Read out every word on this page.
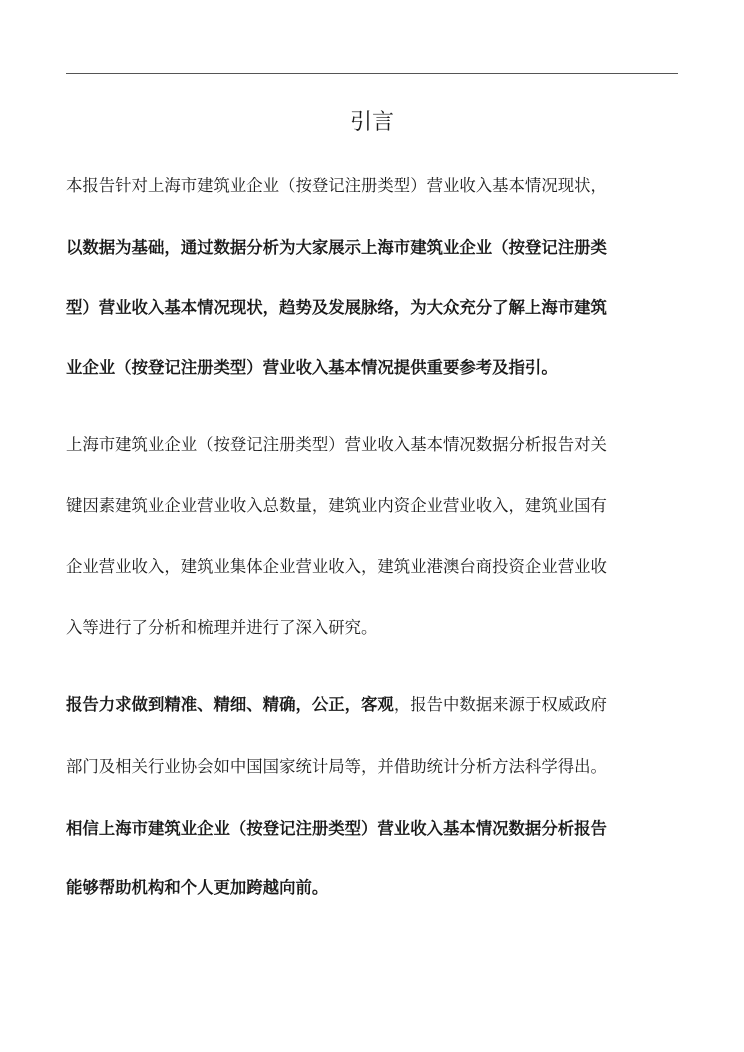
引言

本报告针对上海市建筑业企业（按登记注册类型）营业收入基本情况现状，

以数据为基础，通过数据分析为大家展示上海市建筑业企业（按登记注册类

型）营业收入基本情况现状，趋势及发展脉络，为大众充分了解上海市建筑

业企业（按登记注册类型）营业收入基本情况提供重要参考及指引。

上海市建筑业企业（按登记注册类型）营业收入基本情况数据分析报告对关

键因素建筑业企业营业收入总数量，建筑业内资企业营业收入，建筑业国有

企业营业收入，建筑业集体企业营业收入，建筑业港澳台商投资企业营业收

入等进行了分析和梳理并进行了深入研究。

报告力求做到精准、精细、精确，公正，客观，报告中数据来源于权威政府

部门及相关行业协会如中国国家统计局等，并借助统计分析方法科学得出。

相信上海市建筑业企业（按登记注册类型）营业收入基本情况数据分析报告

能够帮助机构和个人更加跨越向前。
